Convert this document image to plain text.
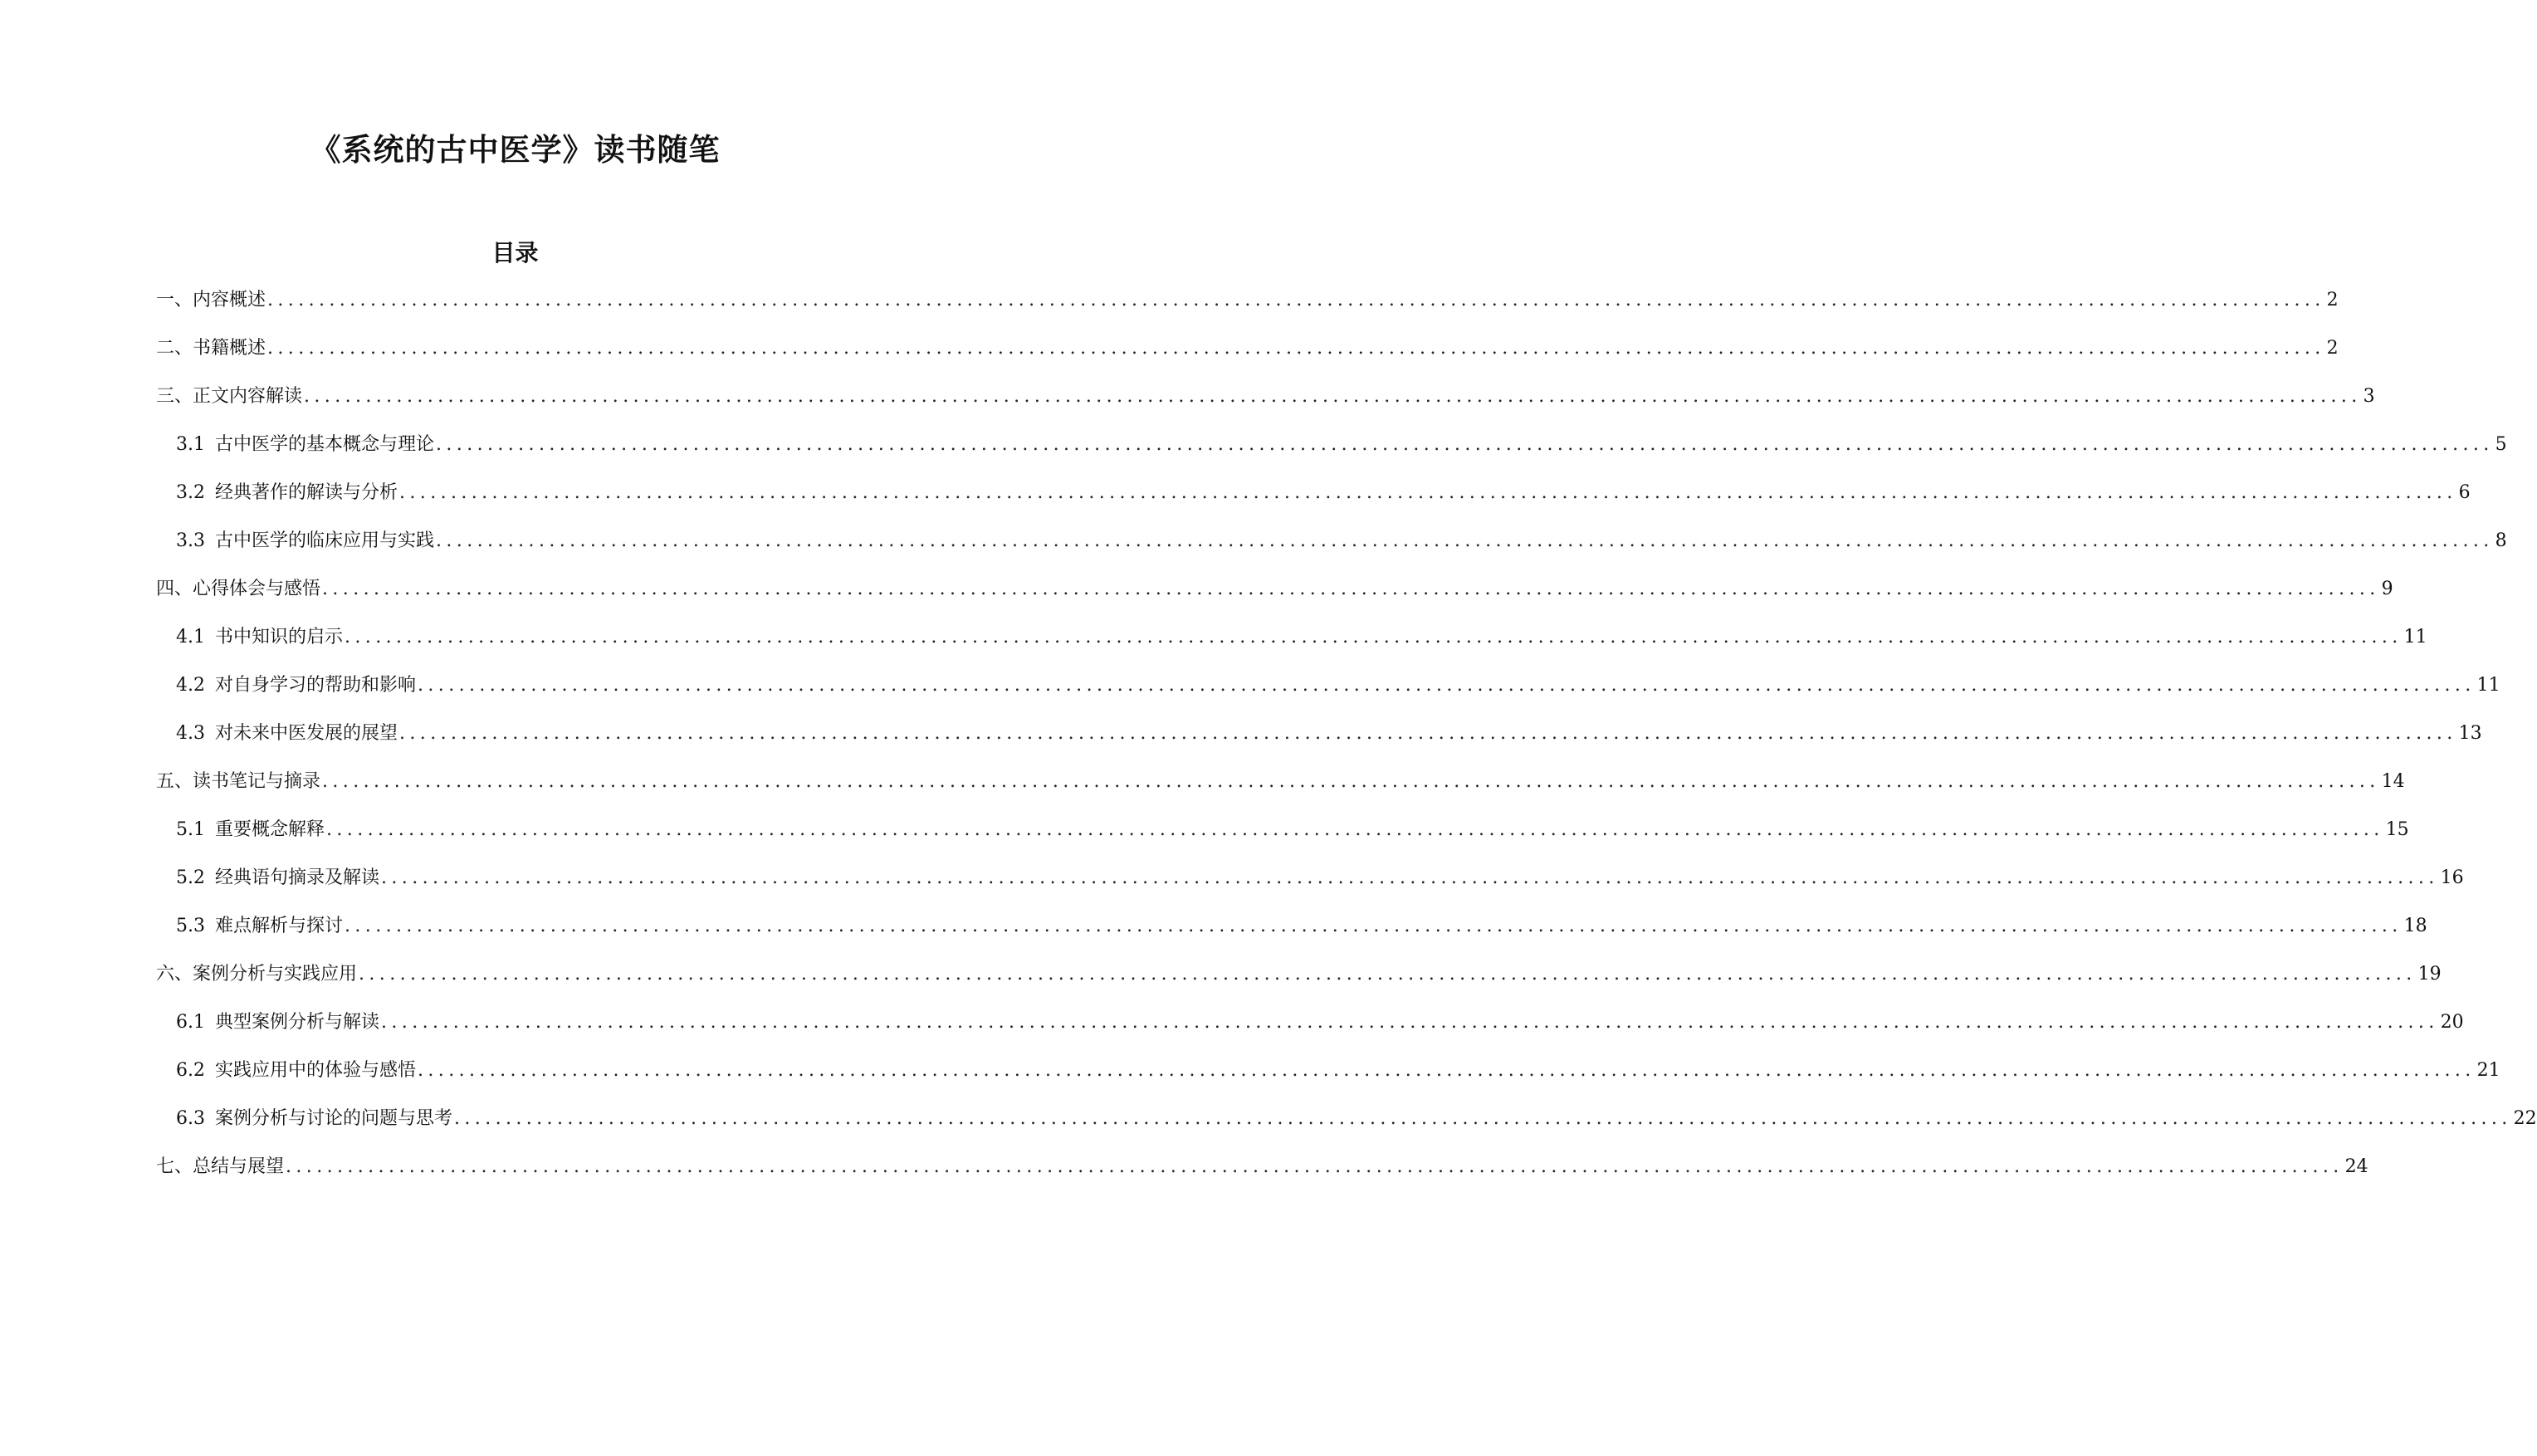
《系统的古中医学》读书随笔
目录
一、内容概述 ........................................................................................................................................................................................................ 2
二、书籍概述 ........................................................................................................................................................................................................ 2
三、正文内容解读 ........................................................................................................................................................................................................ 3
3.1 古中医学的基本概念与理论 ........................................................................................................................................................................................................ 5
3.2 经典著作的解读与分析 ........................................................................................................................................................................................................ 6
3.3 古中医学的临床应用与实践 ........................................................................................................................................................................................................ 8
四、心得体会与感悟 ........................................................................................................................................................................................................ 9
4.1 书中知识的启示 ........................................................................................................................................................................................................ 11
4.2 对自身学习的帮助和影响 ........................................................................................................................................................................................................ 11
4.3 对未来中医发展的展望 ........................................................................................................................................................................................................ 13
五、读书笔记与摘录 ........................................................................................................................................................................................................ 14
5.1 重要概念解释 ........................................................................................................................................................................................................ 15
5.2 经典语句摘录及解读 ........................................................................................................................................................................................................ 16
5.3 难点解析与探讨 ........................................................................................................................................................................................................ 18
六、案例分析与实践应用 ........................................................................................................................................................................................................ 19
6.1 典型案例分析与解读 ........................................................................................................................................................................................................ 20
6.2 实践应用中的体验与感悟 ........................................................................................................................................................................................................ 21
6.3 案例分析与讨论的问题与思考 ........................................................................................................................................................................................................ 22
七、总结与展望 ........................................................................................................................................................................................................ 24
